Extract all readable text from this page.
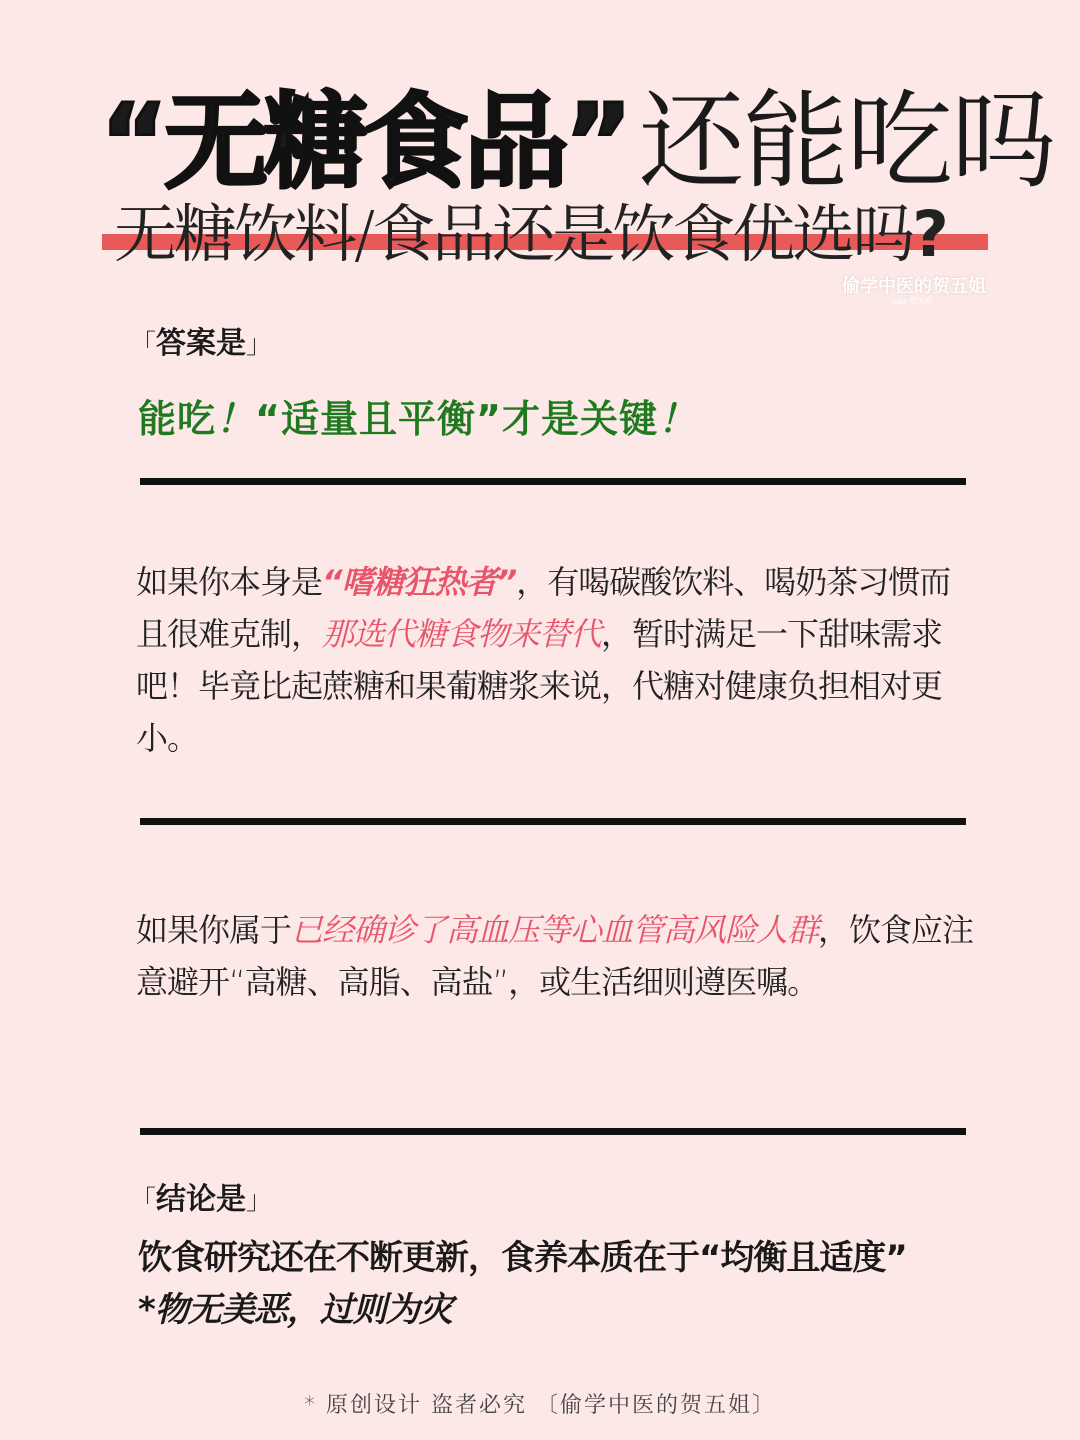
“无糖食品” 还能吃吗
无糖饮料/食品还是饮食优选吗?
偷学中医的贺五姐
Just 贺五姐
「答案是」
能吃！“适量且平衡”才是关键！
如果你本身是“嗜糖狂热者”，有喝碳酸饮料、喝奶茶习惯而且很难克制，那选代糖食物来替代，暂时满足一下甜味需求吧！毕竟比起蔗糖和果葡糖浆来说，代糖对健康负担相对更小。
如果你属于已经确诊了高血压等心血管高风险人群，饮食应注意避开“高糖、高脂、高盐”，或生活细则遵医嘱。
「结论是」
饮食研究还在不断更新，食养本质在于“均衡且适度”
*物无美恶，过则为灾
* 原创设计 盗者必究 〔偷学中医的贺五姐〕
